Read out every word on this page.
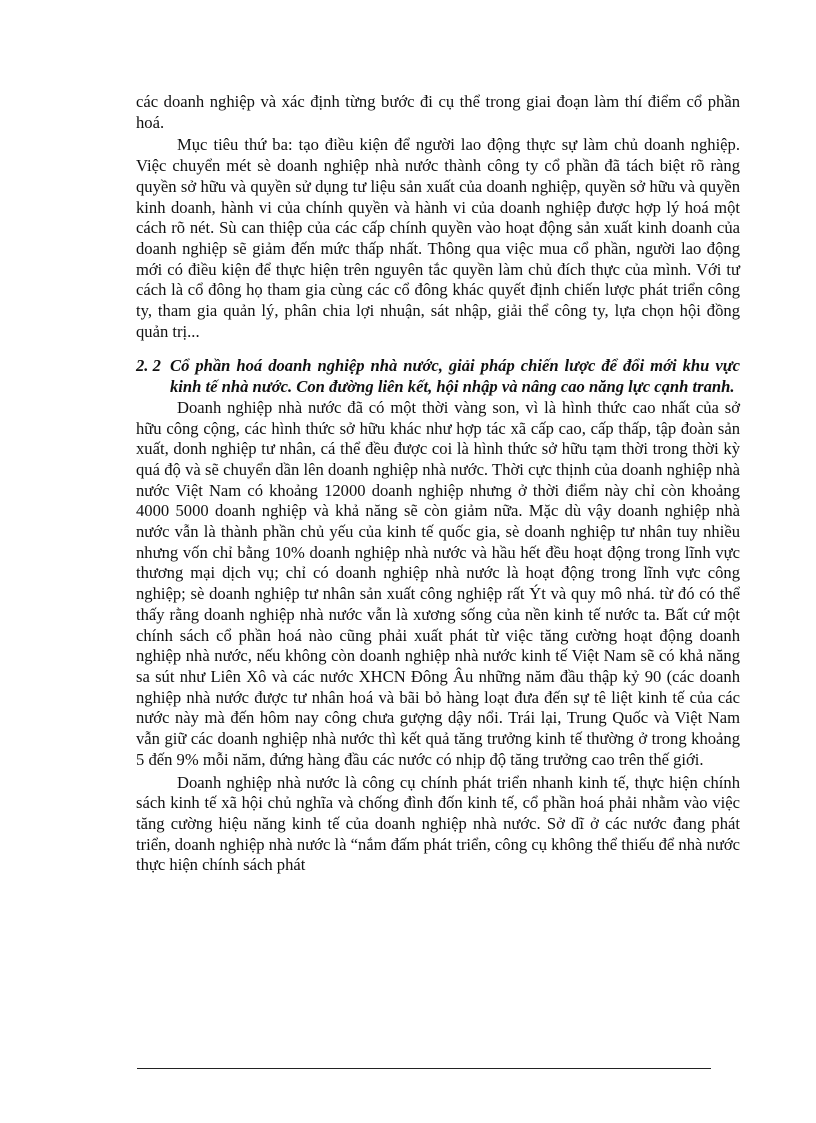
các doanh nghiệp và xác định từng bước đi cụ thể trong giai đoạn làm thí điểm cổ phần hoá.

Mục tiêu thứ ba: tạo điều kiện để người lao động thực sự làm chủ doanh nghiệp. Việc chuyển mét sè doanh nghiệp nhà nước thành công ty cổ phần đã tách biệt rõ ràng quyền sở hữu và quyền sử dụng tư liệu sản xuất của doanh nghiệp, quyền sở hữu và quyền kinh doanh, hành vi của chính quyền và hành vi của doanh nghiệp được hợp lý hoá một cách rõ nét. Sù can thiệp của các cấp chính quyền vào hoạt động sản xuất kinh doanh của doanh nghiệp sẽ giảm đến mức thấp nhất. Thông qua việc mua cổ phần, người lao động mới có điều kiện để thực hiện trên nguyên tắc quyền làm chủ đích thực của mình. Với tư cách là cổ đông họ tham gia cùng các cổ đông khác quyết định chiến lược phát triển công ty, tham gia quản lý, phân chia lợi nhuận, sát nhập, giải thể công ty, lựa chọn hội đồng quản trị...

2. 2 Cổ phần hoá doanh nghiệp nhà nước, giải pháp chiến lược để đổi mới khu vực kinh tế nhà nước. Con đường liên kết, hội nhập và nâng cao năng lực cạnh tranh.

Doanh nghiệp nhà nước đã có một thời vàng son, vì là hình thức cao nhất của sở hữu công cộng, các hình thức sở hữu khác như hợp tác xã cấp cao, cấp thấp, tập đoàn sản xuất, donh nghiệp tư nhân, cá thể đều được coi là hình thức sở hữu tạm thời trong thời kỳ quá độ và sẽ chuyển dần lên doanh nghiệp nhà nước. Thời cực thịnh của doanh nghiệp nhà nước Việt Nam có khoảng 12000 doanh nghiệp nhưng ở thời điểm này chỉ còn khoảng 4000 5000 doanh nghiệp và khả năng sẽ còn giảm nữa. Mặc dù vậy doanh nghiệp nhà nước vẫn là thành phần chủ yếu của kinh tế quốc gia, sè doanh nghiệp tư nhân tuy nhiều nhưng vốn chỉ bằng 10% doanh nghiệp nhà nước và hầu hết đều hoạt động trong lĩnh vực thương mại dịch vụ; chỉ có doanh nghiệp nhà nước là hoạt động trong lĩnh vực công nghiệp; sè doanh nghiệp tư nhân sản xuất công nghiệp rất Ýt và quy mô nhá. từ đó có thể thấy rằng doanh nghiệp nhà nước vẫn là xương sống của nền kinh tế nước ta. Bất cứ một chính sách cổ phần hoá nào cũng phải xuất phát từ việc tăng cường hoạt động doanh nghiệp nhà nước, nếu không còn doanh nghiệp nhà nước kinh tế Việt Nam sẽ có khả năng sa sút như Liên Xô và các nước XHCN Đông Âu những năm đầu thập kỷ 90 (các doanh nghiệp nhà nước được tư nhân hoá và bãi bỏ hàng loạt đưa đến sự tê liệt kinh tế của các nước này mà đến hôm nay công chưa gượng dậy nổi. Trái lại, Trung Quốc và Việt Nam vẫn giữ các doanh nghiệp nhà nước thì kết quả tăng trưởng kinh tế thường ở trong khoảng 5 đến 9% mỗi năm, đứng hàng đầu các nước có nhịp độ tăng trưởng cao trên thế giới.

Doanh nghiệp nhà nước là công cụ chính phát triển nhanh kinh tế, thực hiện chính sách kinh tế xã hội chủ nghĩa và chống đình đốn kinh tế, cổ phần hoá phải nhằm vào việc tăng cường hiệu năng kinh tế của doanh nghiệp nhà nước. Sở dĩ ở các nước đang phát triển, doanh nghiệp nhà nước là “nắm đấm phát triển, công cụ không thể thiếu để nhà nước thực hiện chính sách phát
